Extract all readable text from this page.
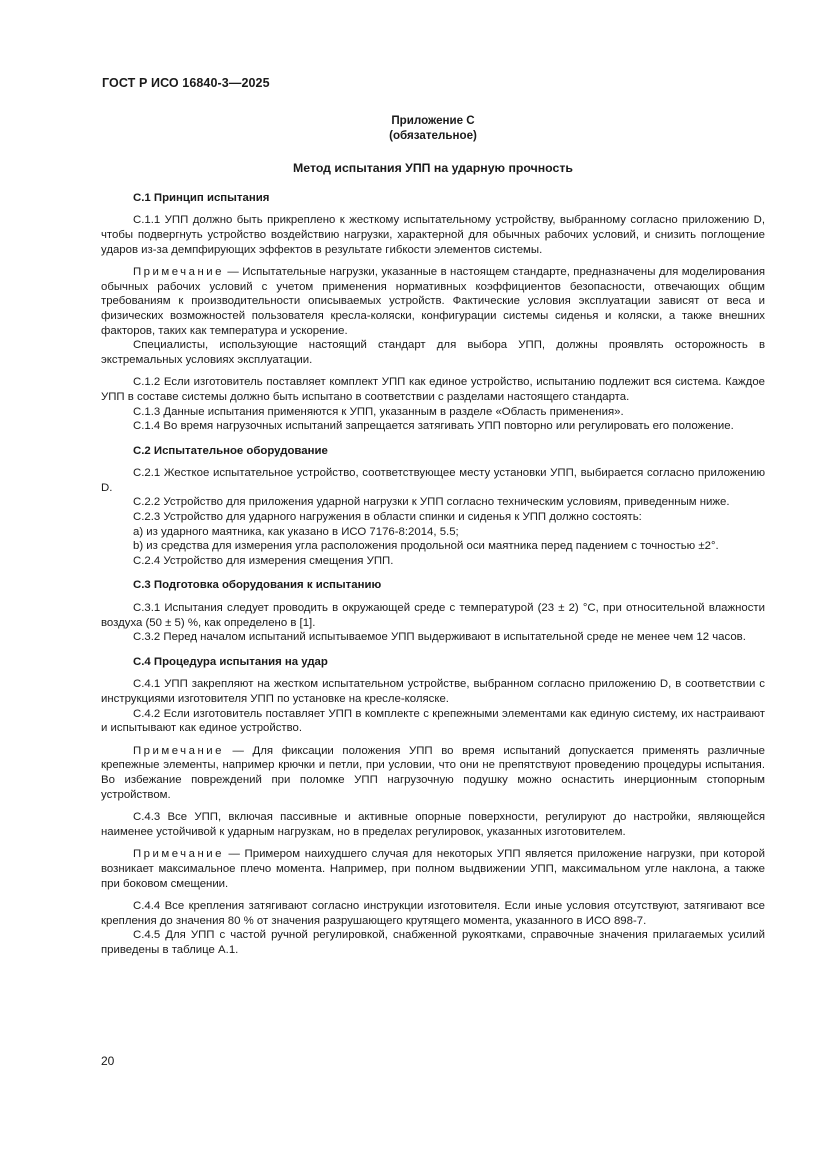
ГОСТ Р ИСО 16840-3—2025
Приложение C
(обязательное)
Метод испытания УПП на ударную прочность
С.1 Принцип испытания

С.1.1 УПП должно быть прикреплено к жесткому испытательному устройству, выбранному согласно приложению D, чтобы подвергнуть устройство воздействию нагрузки, характерной для обычных рабочих условий, и снизить поглощение ударов из-за демпфирующих эффектов в результате гибкости элементов системы.

Примечание — Испытательные нагрузки, указанные в настоящем стандарте, предназначены для моделирования обычных рабочих условий с учетом применения нормативных коэффициентов безопасности, отвечающих общим требованиям к производительности описываемых устройств. Фактические условия эксплуатации зависят от веса и физических возможностей пользователя кресла-коляски, конфигурации системы сиденья и коляски, а также внешних факторов, таких как температура и ускорение.

Специалисты, использующие настоящий стандарт для выбора УПП, должны проявлять осторожность в экстремальных условиях эксплуатации.

С.1.2 Если изготовитель поставляет комплект УПП как единое устройство, испытанию подлежит вся система. Каждое УПП в составе системы должно быть испытано в соответствии с разделами настоящего стандарта.

С.1.3 Данные испытания применяются к УПП, указанным в разделе «Область применения».

С.1.4 Во время нагрузочных испытаний запрещается затягивать УПП повторно или регулировать его положение.

С.2 Испытательное оборудование

С.2.1 Жесткое испытательное устройство, соответствующее месту установки УПП, выбирается согласно приложению D.

С.2.2 Устройство для приложения ударной нагрузки к УПП согласно техническим условиям, приведенным ниже.

С.2.3 Устройство для ударного нагружения в области спинки и сиденья к УПП должно состоять:

а) из ударного маятника, как указано в ИСО 7176-8:2014, 5.5;

b) из средства для измерения угла расположения продольной оси маятника перед падением с точностью ±2°.

С.2.4 Устройство для измерения смещения УПП.

С.3 Подготовка оборудования к испытанию

С.3.1 Испытания следует проводить в окружающей среде с температурой (23 ± 2) °С, при относительной влажности воздуха (50 ± 5) %, как определено в [1].

С.3.2 Перед началом испытаний испытываемое УПП выдерживают в испытательной среде не менее чем 12 часов.

С.4 Процедура испытания на удар

С.4.1 УПП закрепляют на жестком испытательном устройстве, выбранном согласно приложению D, в соответствии с инструкциями изготовителя УПП по установке на кресле-коляске.

С.4.2 Если изготовитель поставляет УПП в комплекте с крепежными элементами как единую систему, их настраивают и испытывают как единое устройство.

Примечание — Для фиксации положения УПП во время испытаний допускается применять различные крепежные элементы, например крючки и петли, при условии, что они не препятствуют проведению процедуры испытания. Во избежание повреждений при поломке УПП нагрузочную подушку можно оснастить инерционным стопорным устройством.

С.4.3 Все УПП, включая пассивные и активные опорные поверхности, регулируют до настройки, являющейся наименее устойчивой к ударным нагрузкам, но в пределах регулировок, указанных изготовителем.

Примечание — Примером наихудшего случая для некоторых УПП является приложение нагрузки, при которой возникает максимальное плечо момента. Например, при полном выдвижении УПП, максимальном угле наклона, а также при боковом смещении.

С.4.4 Все крепления затягивают согласно инструкции изготовителя. Если иные условия отсутствуют, затягивают все крепления до значения 80 % от значения разрушающего крутящего момента, указанного в ИСО 898-7.

С.4.5 Для УПП с частой ручной регулировкой, снабженной рукоятками, справочные значения прилагаемых усилий приведены в таблице А.1.

20
